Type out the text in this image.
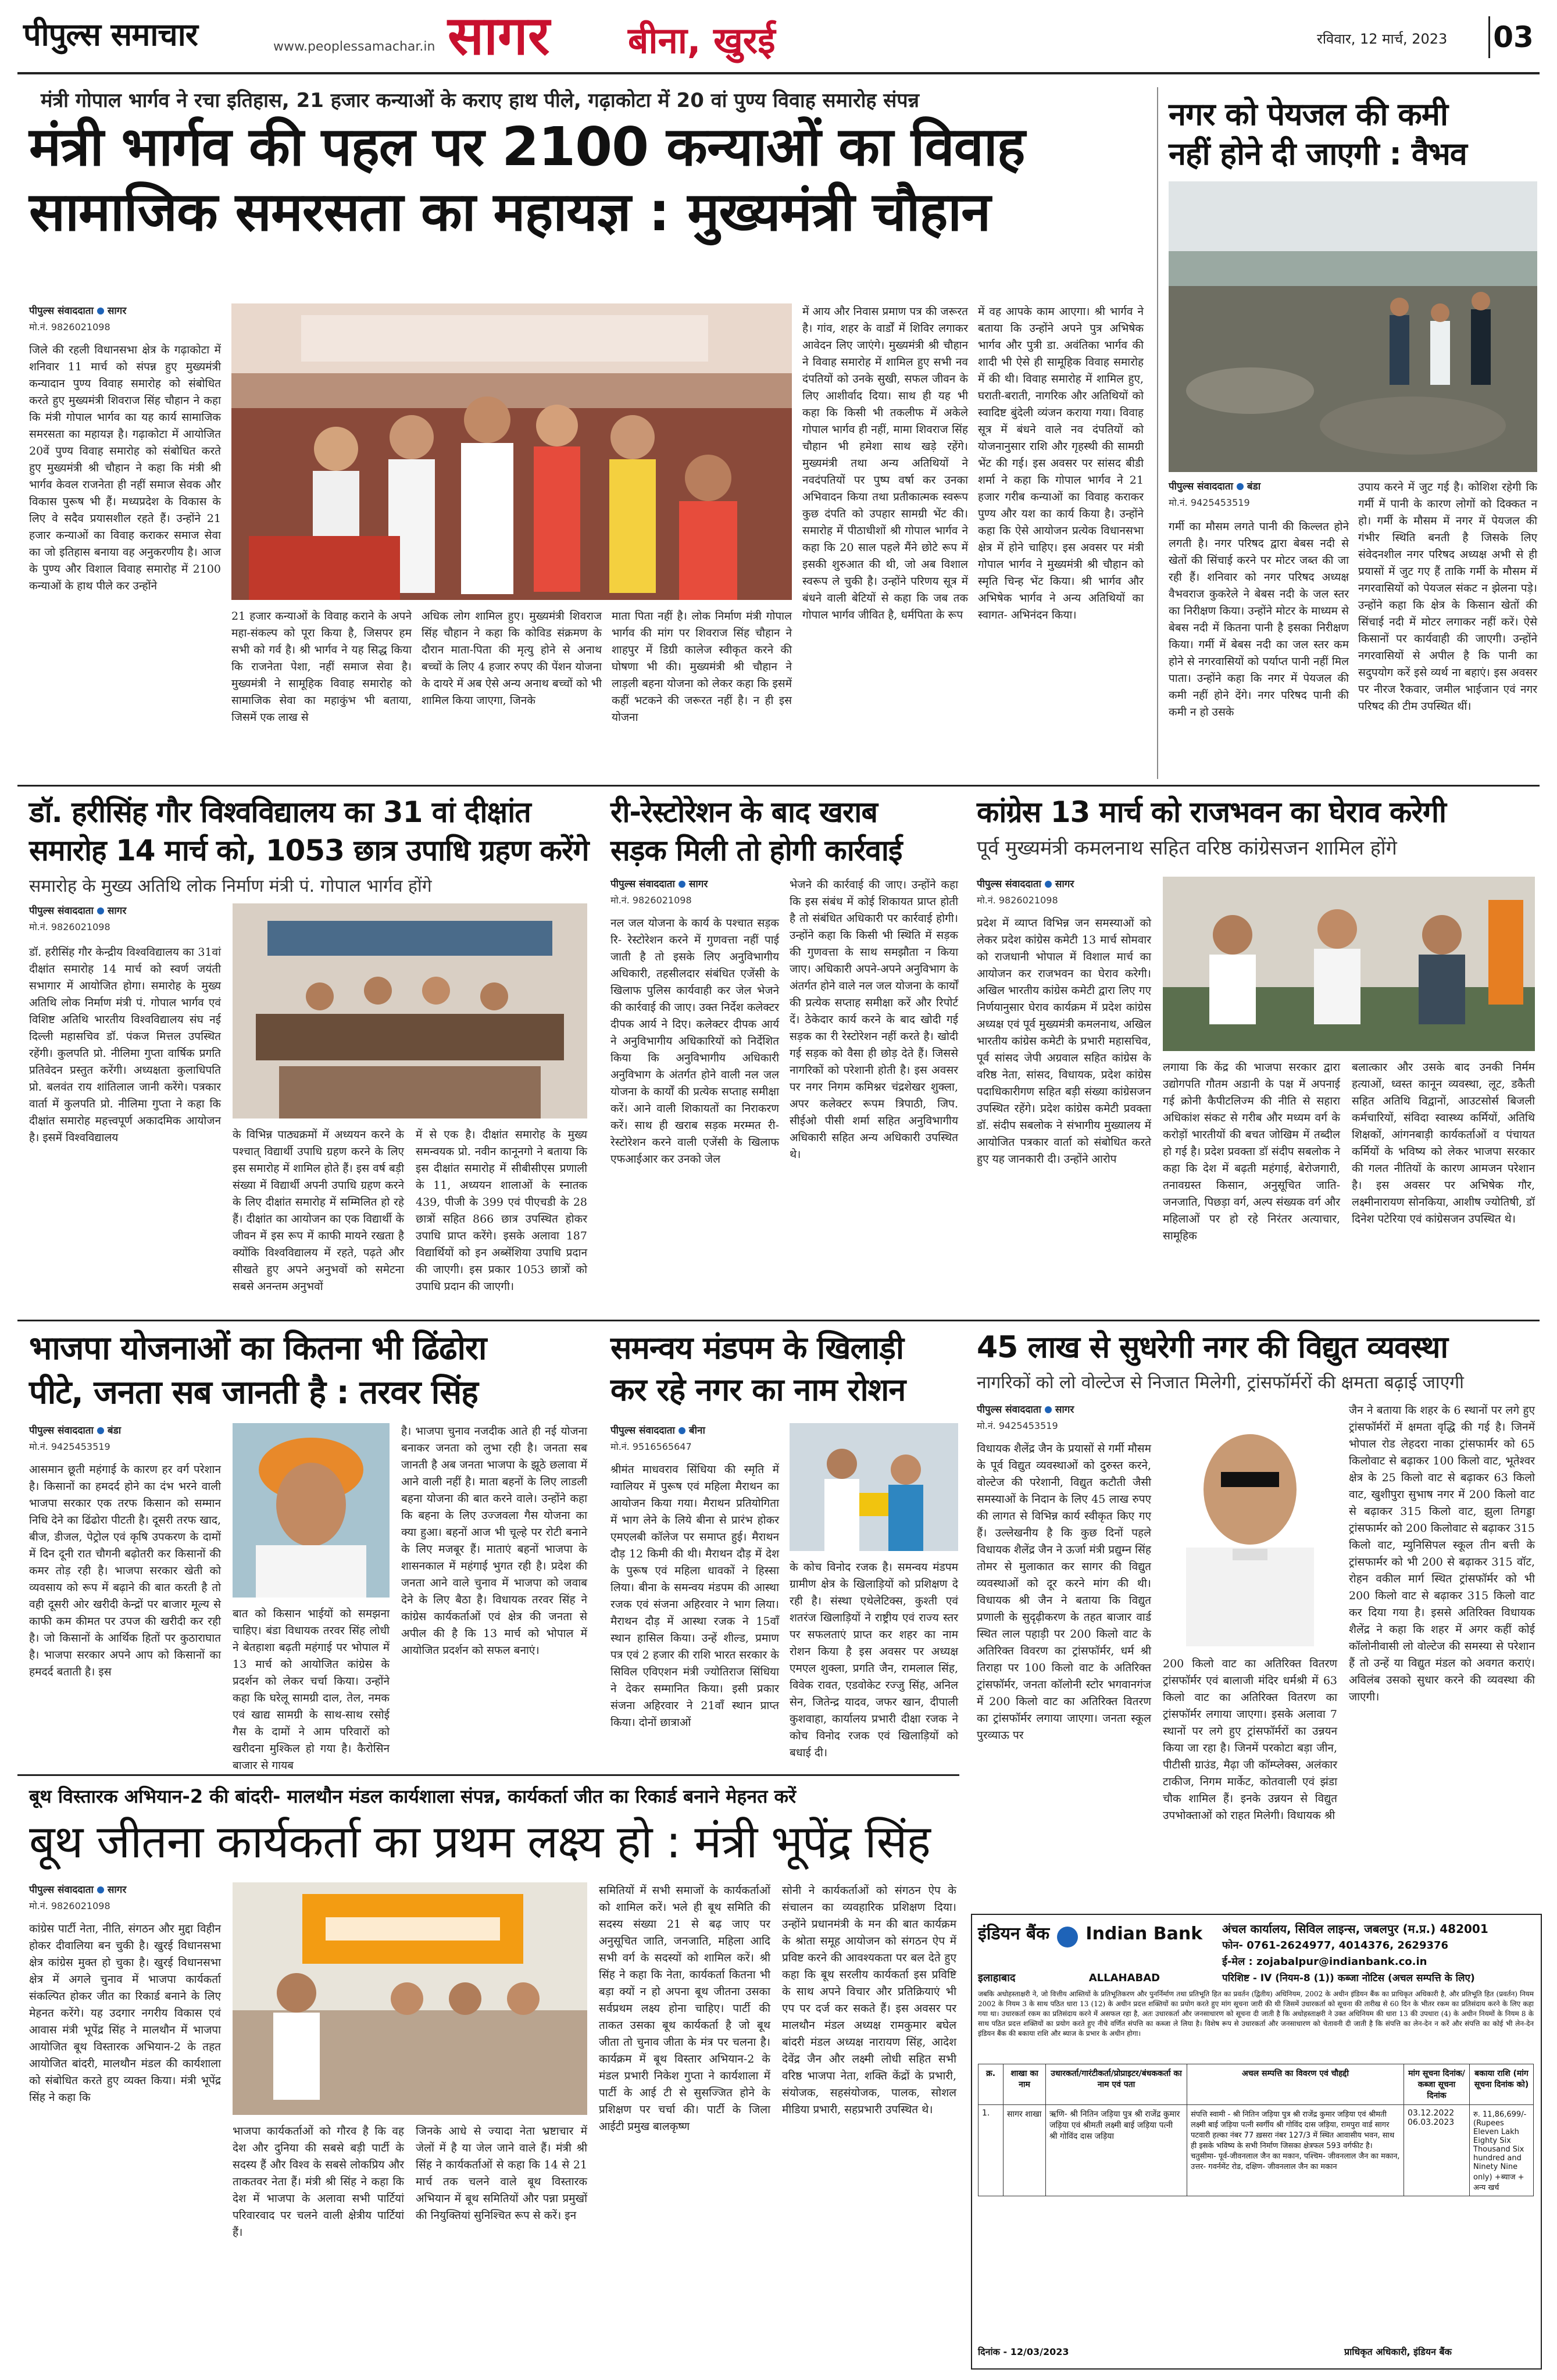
पीपुल्स समाचार	www.peoplessamachar.in सागर बीना, खुरई	रविवार, 12 मार्च, 2023 03
मंत्री गोपाल भार्गव ने रचा इतिहास, 21 हजार कन्याओं के कराए हाथ पीले, गढ़ाकोटा में 20 वां पुण्य विवाह समारोह संपन्न
मंत्री भार्गव की पहल पर 2100 कन्याओं का विवाह
सामाजिक समरसता का महायज्ञ : मुख्यमंत्री चौहान
पीपुल्स संवाददाता सागर
मो.नं. 9826021098
जिले की रहली विधानसभा क्षेत्र के गढ़ाकोटा में शनिवार 11 मार्च को संपन्न हुए मुख्यमंत्री कन्यादान पुण्य विवाह समारोह को संबोधित करते हुए मुख्यमंत्री शिवराज सिंह चौहान ने कहा कि मंत्री गोपाल भार्गव का यह कार्य सामाजिक समरसता का महायज्ञ है। गढ़ाकोटा में आयोजित 20वें पुण्य विवाह समारोह को संबोधित करते हुए मुख्यमंत्री श्री चौहान ने कहा कि मंत्री श्री भार्गव केवल राजनेता ही नहीं समाज सेवक और विकास पुरूष भी हैं। मध्यप्रदेश के विकास के लिए वे सदैव प्रयासशील रहते हैं। उन्होंने 21 हजार कन्याओं का विवाह कराकर समाज सेवा का जो इतिहास बनाया वह अनुकरणीय है। आज के पुण्य और विशाल विवाह समारोह में 2100 कन्याओं के हाथ पीले कर उन्होंने
21 हजार कन्याओं के विवाह कराने के अपने महा-संकल्प को पूरा किया है, जिसपर हम सभी को गर्व है। श्री भार्गव ने यह सिद्ध किया कि राजनेता पेशा, नहीं समाज सेवा है। मुख्यमंत्री ने सामूहिक विवाह समारोह को सामाजिक सेवा का महाकुंभ भी बताया, जिसमें एक लाख से
अधिक लोग शामिल हुए। मुख्यमंत्री शिवराज सिंह चौहान ने कहा कि कोविड संक्रमण के दौरान माता-पिता की मृत्यु होने से अनाथ बच्चों के लिए 4 हजार रुपए की पेंशन योजना के दायरे में अब ऐसे अन्य अनाथ बच्चों को भी शामिल किया जाएगा, जिनके
माता पिता नहीं है। लोक निर्माण मंत्री गोपाल भार्गव की मांग पर शिवराज सिंह चौहान ने शाहपुर में डिग्री कालेज स्वीकृत करने की घोषणा भी की। मुख्यमंत्री श्री चौहान ने लाड़ली बहना योजना को लेकर कहा कि इसमें कहीं भटकने की जरूरत नहीं है। न ही इस योजना
में आय और निवास प्रमाण पत्र की जरूरत है। गांव, शहर के वार्डों में शिविर लगाकर आवेदन लिए जाएंगे। मुख्यमंत्री श्री चौहान ने विवाह समारोह में शामिल हुए सभी नव दंपतियों को उनके सुखी, सफल जीवन के लिए आशीर्वाद दिया। साथ ही यह भी कहा कि किसी भी तकलीफ में अकेले गोपाल भार्गव ही नहीं, मामा शिवराज सिंह चौहान भी हमेशा साथ खड़े रहेंगे। मुख्यमंत्री तथा अन्य अतिथियों ने नवदंपतियों पर पुष्प वर्षा कर उनका अभिवादन किया तथा प्रतीकात्मक स्वरूप कुछ दंपति को उपहार सामग्री भेंट की। समारोह में पीठाधीशों श्री गोपाल भार्गव ने कहा कि 20 साल पहले मैंने छोटे रूप में इसकी शुरुआत की थी, जो अब विशाल स्वरूप ले चुकी है। उन्होंने परिणय सूत्र में बंधने वाली बेटियों से कहा कि जब तक गोपाल भार्गव जीवित है, धर्मपिता के रूप
में वह आपके काम आएगा। श्री भार्गव ने बताया कि उन्होंने अपने पुत्र अभिषेक भार्गव और पुत्री डा. अवंतिका भार्गव की शादी भी ऐसे ही सामूहिक विवाह समारोह में की थी। विवाह समारोह में शामिल हुए, घराती-बराती, नागरिक और अतिथियों को स्वादिष्ट बुंदेली व्यंजन कराया गया। विवाह सूत्र में बंधने वाले नव दंपतियों को योजनानुसार राशि और गृहस्थी की सामग्री भेंट की गई। इस अवसर पर सांसद बीडी शर्मा ने कहा कि गोपाल भार्गव ने 21 हजार गरीब कन्याओं का विवाह कराकर पुण्य और यश का कार्य किया है। उन्होंने कहा कि ऐसे आयोजन प्रत्येक विधानसभा क्षेत्र में होने चाहिए। इस अवसर पर मंत्री गोपाल भार्गव ने मुख्यमंत्री श्री चौहान को स्मृति चिन्ह भेंट किया। श्री भार्गव और अभिषेक भार्गव ने अन्य अतिथियों का स्वागत- अभिनंदन किया।
नगर को पेयजल की कमी
नहीं होने दी जाएगी : वैभव
पीपुल्स संवाददाता बंडा
मो.नं. 9425453519
गर्मी का मौसम लगते पानी की किल्लत होने लगती है। नगर परिषद द्वारा बेबस नदी से खेतों की सिंचाई करने पर मोटर जब्त की जा रही हैं। शनिवार को नगर परिषद अध्यक्ष वैभवराज कुकरेले ने बेबस नदी के जल स्तर का निरीक्षण किया। उन्होंने मोटर के माध्यम से बेबस नदी में कितना पानी है इसका निरीक्षण किया। गर्मी में बेबस नदी का जल स्तर कम होने से नगरवासियों को पर्याप्त पानी नहीं मिल पाता। उन्होंने कहा कि नगर में पेयजल की कमी नहीं होने देंगे। नगर परिषद पानी की कमी न हो उसके
उपाय करने में जुट गई है। कोशिश रहेगी कि गर्मी में पानी के कारण लोगों को दिक्कत न हो। गर्मी के मौसम में नगर में पेयजल की गंभीर स्थिति बनती है जिसके लिए संवेदनशील नगर परिषद अध्यक्ष अभी से ही प्रयासों में जुट गए हैं ताकि गर्मी के मौसम में नगरवासियों को पेयजल संकट न झेलना पड़े। उन्होंने कहा कि क्षेत्र के किसान खेतों की सिंचाई नदी में मोटर लगाकर नहीं करें। ऐसे किसानों पर कार्यवाही की जाएगी। उन्होंने नगरवासियों से अपील है कि पानी का सदुपयोग करें इसे व्यर्थ ना बहाएं। इस अवसर पर नीरज रैकवार, जमील भाईजान एवं नगर परिषद की टीम उपस्थित थीं।
डॉ. हरीसिंह गौर विश्वविद्यालय का 31 वां दीक्षांत
समारोह 14 मार्च को, 1053 छात्र उपाधि ग्रहण करेंगे
समारोह के मुख्य अतिथि लोक निर्माण मंत्री पं. गोपाल भार्गव होंगे
पीपुल्स संवाददाता सागर
मो.नं. 9826021098
डॉ. हरीसिंह गौर केन्द्रीय विश्वविद्यालय का 31वां दीक्षांत समारोह 14 मार्च को स्वर्ण जयंती सभागार में आयोजित होगा। समारोह के मुख्य अतिथि लोक निर्माण मंत्री पं. गोपाल भार्गव एवं विशिष्ट अतिथि भारतीय विश्वविद्यालय संघ नई दिल्ली महासचिव डॉ. पंकज मित्तल उपस्थित रहेंगी। कुलपति प्रो. नीलिमा गुप्ता वार्षिक प्रगति प्रतिवेदन प्रस्तुत करेंगी। अध्यक्षता कुलाधिपति प्रो. बलवंत राय शांतिलाल जानी करेंगे। पत्रकार वार्ता में कुलपति प्रो. नीलिमा गुप्ता ने कहा कि दीक्षांत समारोह महत्त्वपूर्ण अकादमिक आयोजन है। इसमें विश्वविद्यालय	के विभिन्न पाठ्यक्रमों में अध्ययन करने के पश्चात् विद्यार्थी उपाधि ग्रहण करने के लिए इस समारोह में शामिल होते हैं। इस वर्ष बड़ी संख्या में विद्यार्थी अपनी उपाधि ग्रहण करने के लिए दीक्षांत समारोह में सम्मिलित हो रहे हैं। दीक्षांत का आयोजन का एक विद्यार्थी के जीवन में इस रूप में काफी मायने रखता है क्योंकि विश्वविद्यालय में रहते, पढ़ते और सीखते हुए अपने अनुभवों को समेटना सबसे अनन्तम अनुभवों
में से एक है। दीक्षांत समारोह के मुख्य समन्वयक प्रो. नवीन कानूनगो ने बताया कि इस दीक्षांत समारोह में सीबीसीएस प्रणाली के 11, अध्ययन शालाओं के स्नातक 439, पीजी के 399 एवं पीएचडी के 28 छात्रों सहित 866 छात्र उपस्थित होकर उपाधि प्राप्त करेंगे। इसके अलावा 187 विद्यार्थियों को इन अब्सेंशिया उपाधि प्रदान की जाएगी। इस प्रकार 1053 छात्रों को उपाधि प्रदान की जाएगी।
री-रेस्टोरेशन के बाद खराब
सड़क मिली तो होगी कार्रवाई
पीपुल्स संवाददाता सागर
मो.नं. 9826021098
नल जल योजना के कार्य के पश्चात सड़क रि- रेस्टोरेशन करने में गुणवत्ता नहीं पाई जाती है तो इसके लिए अनुविभागीय अधिकारी, तहसीलदार संबंधित एजेंसी के खिलाफ पुलिस कार्यवाही कर जेल भेजने की कार्रवाई की जाए। उक्त निर्देश कलेक्टर दीपक आर्य ने दिए। कलेक्टर दीपक आर्य ने अनुविभागीय अधिकारियों को निर्देशित किया कि अनुविभागीय अधिकारी अनुविभाग के अंतर्गत होने वाली नल जल योजना के कार्यों की प्रत्येक सप्ताह समीक्षा करें। आने वाली शिकायतों का निराकरण करें। साथ ही खराब सड़क मरम्मत री-रेस्टोरेशन करने वाली एजेंसी के खिलाफ एफआईआर कर उनको जेल
भेजने की कार्रवाई की जाए। उन्होंने कहा कि इस संबंध में कोई शिकायत प्राप्त होती है तो संबंधित अधिकारी पर कार्रवाई होगी। उन्होंने कहा कि किसी भी स्थिति में सड़क की गुणवत्ता के साथ समझौता न किया जाए। अधिकारी अपने-अपने अनुविभाग के अंतर्गत होने वाले नल जल योजना के कार्यों की प्रत्येक सप्ताह समीक्षा करें और रिपोर्ट दें। ठेकेदार कार्य करने के बाद खोदी गई सड़क का री रेस्टोरेशन नहीं करते है। खोदी गई सड़क को वैसा ही छोड़ देते हैं। जिससे नागरिकों को परेशानी होती है। इस अवसर पर नगर निगम कमिश्नर चंद्रशेखर शुक्ला, अपर कलेक्टर रूपम त्रिपाठी, जिप. सीईओ पीसी शर्मा सहित अनुविभागीय अधिकारी सहित अन्य अधिकारी उपस्थित थे।
कांग्रेस 13 मार्च को राजभवन का घेराव करेगी
पूर्व मुख्यमंत्री कमलनाथ सहित वरिष्ठ कांग्रेसजन शामिल होंगे
पीपुल्स संवाददाता सागर
मो.नं. 9826021098
प्रदेश में व्याप्त विभिन्न जन समस्याओं को लेकर प्रदेश कांग्रेस कमेटी 13 मार्च सोमवार को राजधानी भोपाल में विशाल मार्च का आयोजन कर राजभवन का घेराव करेगी। अखिल भारतीय कांग्रेस कमेटी द्वारा लिए गए निर्णयानुसार घेराव कार्यक्रम में प्रदेश कांग्रेस अध्यक्ष एवं पूर्व मुख्यमंत्री कमलनाथ, अखिल भारतीय कांग्रेस कमेटी के प्रभारी महासचिव, पूर्व सांसद जेपी अग्रवाल सहित कांग्रेस के वरिष्ठ नेता, सांसद, विधायक, प्रदेश कांग्रेस पदाधिकारीगण सहित बड़ी संख्या कांग्रेसजन उपस्थित रहेंगे। प्रदेश कांग्रेस कमेटी प्रवक्ता डॉ. संदीप सबलोक ने संभागीय मुख्यालय में आयोजित पत्रकार वार्ता को संबोधित करते हुए यह जानकारी दी। उन्होंने आरोप
लगाया कि केंद्र की भाजपा सरकार द्वारा उद्योगपति गौतम अडानी के पक्ष में अपनाई गई क्रोनी कैपीटलिज्म की नीति से सहारा अधिकांश संकट से गरीब और मध्यम वर्ग के करोड़ों भारतीयों की बचत जोखिम में तब्दील हो गई है। प्रदेश प्रवक्ता डॉ संदीप सबलोक ने कहा कि देश में बढ़ती महंगाई, बेरोजगारी, तनावग्रस्त किसान, अनुसूचित जाति-जनजाति, पिछड़ा वर्ग, अल्प संख्यक वर्ग और महिलाओं पर हो रहे निरंतर अत्याचार, सामूहिक
बलात्कार और उसके बाद उनकी निर्मम हत्याओं, ध्वस्त कानून व्यवस्था, लूट, डकैती सहित अतिथि विद्वानों, आउटसोर्स बिजली कर्मचारियों, संविदा स्वास्थ्य कर्मियों, अतिथि शिक्षकों, आंगनबाड़ी कार्यकर्ताओं व पंचायत कर्मियों के भविष्य को लेकर भाजपा सरकार की गलत नीतियों के कारण आमजन परेशान है। इस अवसर पर अभिषेक गौर, लक्ष्मीनारायण सोनकिया, आशीष ज्योतिषी, डॉ दिनेश पटेरिया एवं कांग्रेसजन उपस्थित थे।
भाजपा योजनाओं का कितना भी ढिंढोरा
पीटे, जनता सब जानती है : तरवर सिंह
पीपुल्स संवाददाता बंडा
मो.नं. 9425453519
आसमान छूती महंगाई के कारण हर वर्ग परेशान है। किसानों का हमदर्द होने का दंभ भरने वाली भाजपा सरकार एक तरफ किसान को सम्मान निधि देने का ढिंढोरा पीटती है। दूसरी तरफ खाद, बीज, डीजल, पेट्रोल एवं कृषि उपकरण के दामों में दिन दूनी रात चौगनी बढ़ोतरी कर किसानों की कमर तोड़ रही है। भाजपा सरकार खेती को व्यवसाय को रूप में बढ़ाने की बात करती है तो वही दूसरी ओर खरीदी केन्द्रों पर बाजार मूल्य से काफी कम कीमत पर उपज की खरीदी कर रही है। जो किसानों के आर्थिक हितों पर कुठाराघात है। भाजपा सरकार अपने आप को किसानों का हमदर्द बताती है। इस
बात को किसान भाईयों को समझना चाहिए। बंडा विधायक तरवर सिंह लोधी ने बेतहाशा बढ़ती महंगाई पर भोपाल में 13 मार्च को आयोजित कांग्रेस के प्रदर्शन को लेकर चर्चा किया। उन्होंने कहा कि घरेलू सामग्री दाल, तेल, नमक एवं खाद्य सामग्री के साथ-साथ रसोई गैस के दामों ने आम परिवारों को खरीदना मुश्किल हो गया है। कैरोसिन बाजार से गायब
है। भाजपा चुनाव नजदीक आते ही नई योजना बनाकर जनता को लुभा रही है। जनता सब जानती है अब जनता भाजपा के झूठे छलावा में आने वाली नहीं है। माता बहनों के लिए लाडली बहना योजना की बात करने वाले। उन्होंने कहा कि बहना के लिए उज्जवला गैस योजना का क्या हुआ। बहनों आज भी चूल्हे पर रोटी बनाने के लिए मजबूर हैं। माताएं बहनों भाजपा के शासनकाल में महंगाई भुगत रही है। प्रदेश की जनता आने वाले चुनाव में भाजपा को जवाब देने के लिए बैठा है। विधायक तरवर सिंह ने कांग्रेस कार्यकर्ताओं एवं क्षेत्र की जनता से अपील की है कि 13 मार्च को भोपाल में आयोजित प्रदर्शन को सफल बनाएं।
समन्वय मंडपम के खिलाड़ी
कर रहे नगर का नाम रोशन
पीपुल्स संवाददाता बीना
मो.नं. 9516565647
श्रीमंत माधवराव सिंधिया की स्मृति में ग्वालियर में पुरूष एवं महिला मैराथन का आयोजन किया गया। मैराथन प्रतियोगिता में भाग लेने के लिये बीना से प्रारंभ होकर एमएलबी कॉलेज पर समाप्त हुई। मैराथन दौड़ 12 किमी की थी। मैराथन दौड़ में देश के पुरूष एवं महिला धावकों ने हिस्सा लिया। बीना के समन्वय मंडपम की आस्था रजक एवं संजना अहिरवार ने भाग लिया। मैराथन दौड़ में आस्था रजक ने 15वाँ स्थान हासिल किया। उन्हें शील्ड, प्रमाण पत्र एवं 2 हजार की राशि भारत सरकार के सिविल एविएशन मंत्री ज्योतिराज सिंधिया ने देकर सम्मानित किया। इसी प्रकार संजना अहिरवार ने 21वाँ स्थान प्राप्त किया। दोनों छात्राओं
के कोच विनोद रजक है। समन्वय मंडपम ग्रामीण क्षेत्र के खिलाड़ियों को प्रशिक्षण दे रही है। संस्था एथेलेटिक्स, कुश्ती एवं शतरंज खिलाड़ियों ने राष्ट्रीय एवं राज्य स्तर पर सफलताएं प्राप्त कर शहर का नाम रोशन किया है इस अवसर पर अध्यक्ष एमएल शुक्ला, प्रगति जैन, रामलाल सिंह, विवेक रावत, एडवोकेट रज्जु सिंह, अनिल सेन, जितेन्द्र यादव, जफर खान, दीपाली कुशवाहा, कार्यालय प्रभारी दीक्षा रजक ने कोच विनोद रजक एवं खिलाड़ियों को बधाई दी।
45 लाख से सुधरेगी नगर की विद्युत व्यवस्था
नागरिकों को लो वोल्टेज से निजात मिलेगी, ट्रांसफॉर्मरों की क्षमता बढ़ाई जाएगी
पीपुल्स संवाददाता सागर
मो.नं. 9425453519
विधायक शैलेंद्र जैन के प्रयासों से गर्मी मौसम के पूर्व विद्युत व्यवस्थाओं को दुरुस्त करने, वोल्टेज की परेशानी, विद्युत कटौती जैसी समस्याओं के निदान के लिए 45 लाख रुपए की लागत से विभिन्न कार्य स्वीकृत किए गए हैं। उल्लेखनीय है कि कुछ दिनों पहले विधायक शैलेंद्र जैन ने ऊर्जा मंत्री प्रद्युम्न सिंह तोमर से मुलाकात कर सागर की विद्युत व्यवस्थाओं को दूर करने मांग की थी। विधायक श्री जैन ने बताया कि विद्युत प्रणाली के सुदृढ़ीकरण के तहत बाजार वार्ड स्थित लाल पहाड़ी पर 200 किलो वाट के अतिरिक्त विवरण का ट्रांसफॉर्मर, धर्म श्री तिराहा पर 100 किलो वाट के अतिरिक्त ट्रांसफॉर्मर, जनता कॉलोनी स्टोर भगवानगंज में 200 किलो वाट का अतिरिक्त वितरण का ट्रांसफॉर्मर लगाया जाएगा। जनता स्कूल पुरव्याऊ पर
200 किलो वाट का अतिरिक्त वितरण ट्रांसफॉर्मर एवं बालाजी मंदिर धर्मश्री में 63 किलो वाट का अतिरिक्त वितरण का ट्रांसफॉर्मर लगाया जाएगा। इसके अलावा 7 स्थानों पर लगे हुए ट्रांसफॉर्मरों का उन्नयन किया जा रहा है। जिनमें परकोटा बड़ा जीन, पीटीसी ग्राउंड, मैढ़ा जी कॉम्प्लेक्स, अलंकार टाकीज, निगम मार्केट, कोतवाली एवं झंडा चौक शामिल हैं। इनके उन्नयन से विद्युत उपभोक्ताओं को राहत मिलेगी। विधायक श्री
जैन ने बताया कि शहर के 6 स्थानों पर लगे हुए ट्रांसफॉर्मरों में क्षमता वृद्धि की गई है। जिनमें भोपाल रोड लेहदरा नाका ट्रांसफार्मर को 65 किलोवाट से बढ़ाकर 100 किलो वाट, भूतेश्वर क्षेत्र के 25 किलो वाट से बढ़ाकर 63 किलो वाट, खुशीपुरा सुभाष नगर में 200 किलो वाट से बढ़ाकर 315 किलो वाट, झुला तिगड्डा ट्रांसफार्मर को 200 किलोवाट से बढ़ाकर 315 किलो वाट, म्युनिसिपल स्कूल तीन बत्ती के ट्रांसफार्मर को भी 200 से बढ़ाकर 315 वॉट, रोहन वकील मार्ग स्थित ट्रांसफॉर्मर को भी 200 किलो वाट से बढ़ाकर 315 किलो वाट कर दिया गया है। इससे अतिरिक्त विधायक शैलेंद्र ने कहा कि शहर में अगर कहीं कोई कॉलोनीवासी लो वोल्टेज की समस्या से परेशान हैं तो उन्हें या विद्युत मंडल को अवगत कराएं। अविलंब उसको सुधार करने की व्यवस्था की जाएगी।
बूथ विस्तारक अभियान-2 की बांदरी- मालथौन मंडल कार्यशाला संपन्न, कार्यकर्ता जीत का रिकार्ड बनाने मेहनत करें
बूथ जीतना कार्यकर्ता का प्रथम लक्ष्य हो : मंत्री भूपेंद्र सिंह
पीपुल्स संवाददाता सागर
मो.नं. 9826021098
कांग्रेस पार्टी नेता, नीति, संगठन और मुद्दा विहीन होकर दीवालिया बन चुकी है। खुरई विधानसभा क्षेत्र कांग्रेस मुक्त हो चुका है। खुरई विधानसभा क्षेत्र में अगले चुनाव में भाजपा कार्यकर्ता संकल्पित होकर जीत का रिकार्ड बनाने के लिए मेहनत करेंगे। यह उदगार नगरीय विकास एवं आवास मंत्री भूपेंद्र सिंह ने मालथौन में भाजपा आयोजित बूथ विस्तारक अभियान-2 के तहत आयोजित बांदरी, मालथौन मंडल की कार्यशाला को संबोधित करते हुए व्यक्त किया। मंत्री भूपेंद्र सिंह ने कहा कि
भाजपा कार्यकर्ताओं को गौरव है कि वह देश और दुनिया की सबसे बड़ी पार्टी के सदस्य हैं और विश्व के सबसे लोकप्रिय और ताकतवर नेता हैं। मंत्री श्री सिंह ने कहा कि देश में भाजपा के अलावा सभी पार्टियां परिवारवाद पर चलने वाली क्षेत्रीय पार्टियां हैं।
जिनके आधे से ज्यादा नेता भ्रष्टाचार में जेलों में है या जेल जाने वाले हैं। मंत्री श्री सिंह ने कार्यकर्ताओं से कहा कि 14 से 21 मार्च तक चलने वाले बूथ विस्तारक अभियान में बूथ समितियों और पन्ना प्रमुखों की नियुक्तियां सुनिश्चित रूप से करें। इन
समितियों में सभी समाजों के कार्यकर्ताओं को शामिल करें। भले ही बूथ समिति की सदस्य संख्या 21 से बढ़ जाए पर अनुसूचित जाति, जनजाति, महिला आदि सभी वर्ग के सदस्यों को शामिल करें। श्री सिंह ने कहा कि नेता, कार्यकर्ता कितना भी बड़ा क्यों न हो अपना बूथ जीतना उसका सर्वप्रथम लक्ष्य होना चाहिए। पार्टी की ताकत उसका बूथ कार्यकर्ता है जो बूथ जीता तो चुनाव जीता के मंत्र पर चलना है। कार्यक्रम में बूथ विस्तार अभियान-2 के मंडल प्रभारी निकेश गुप्ता ने कार्यशाला में पार्टी के आई टी से सुसज्जित होने के प्रशिक्षण पर चर्चा की। पार्टी के जिला आईटी प्रमुख बालकृष्ण
सोनी ने कार्यकर्ताओं को संगठन ऐप के संचालन का व्यवहारिक प्रशिक्षण दिया। उन्होंने प्रधानमंत्री के मन की बात कार्यक्रम के श्रोता समूह आयोजन को संगठन ऐप में प्रविष्ट करने की आवश्यकता पर बल देते हुए कहा कि बूथ सरलीय कार्यकर्ता इस प्रविष्टि के साथ अपने विचार और प्रतिक्रियाएं भी एप पर दर्ज कर सकते हैं। इस अवसर पर मालथौन मंडल अध्यक्ष रामकुमार बघेल बांदरी मंडल अध्यक्ष नारायण सिंह, आदेश देवेंद्र जैन और लक्ष्मी लोधी सहित सभी वरिष्ठ भाजपा नेता, शक्ति केंद्रों के प्रभारी, संयोजक, सहसंयोजक, पालक, सोशल मीडिया प्रभारी, सहप्रभारी उपस्थित थे।
इंडियन बैंक Indian Bank	अंचल कार्यालय, सिविल लाइन्स, जबलपुर (म.प्र.) 482001
फोन- 0761-2624977, 4014376, 2629376
ई-मेल : zojabalpur@indianbank.co.in
इलाहाबाद	ALLAHABAD	परिशिष्ट - IV (नियम-8 (1)) कब्जा नोटिस (अचल सम्पत्ति के लिए)
जबकि अधोहस्ताक्षरी ने, जो वित्तीय आस्तियों के प्रतिभूतिकरण और पुनर्निर्माण तथा प्रतिभूति हित का प्रवर्तन (द्वितीय) अधिनियम, 2002 के अधीन इंडियन बैंक का प्राधिकृत अधिकारी है, और प्रतिभूति हित (प्रवर्तन) नियम 2002 के नियम 3 के साथ पठित धारा 13 (12) के अधीन प्रदत्त शक्तियों का प्रयोग करते हुए मांग सूचना जारी की थी जिसमें उधारकर्ता को सूचना की तारीख से 60 दिन के भीतर रकम का प्रतिसंदाय करने के लिए कहा गया था। उधारकर्ता रकम का प्रतिसंदाय करने में असफल रहा है, अतः उधारकर्ता और जनसाधारण को सूचना दी जाती है कि अधोहस्ताक्षरी ने उक्त अधिनियम की धारा 13 की उपधारा (4) के अधीन नियमों के नियम 8 के साथ पठित प्रदत्त शक्तियों का प्रयोग करते हुए नीचे वर्णित संपत्ति का कब्जा ले लिया है। विशेष रूप से उधारकर्ता और जनसाधारण को चेतावनी दी जाती है कि संपत्ति का लेन-देन न करें और संपत्ति का कोई भी लेन-देन इंडियन बैंक की बकाया राशि और ब्याज के प्रभार के अधीन होगा।
क्र.	शाखा का नाम	उधारकर्ता/गारंटीकर्ता/प्रोप्राइटर/बंधककर्ता का नाम एवं पता	अचल सम्पत्ति का विवरण एवं चौहद्दी	मांग सूचना दिनांक/कब्जा सूचना दिनांक	बकाया राशि (मांग सूचना दिनांक को)
1.	सागर शाखा	ऋणि- श्री नितिन जड़िया पुत्र श्री राजेंद्र कुमार जड़िया एवं श्रीमती लक्ष्मी बाई जड़िया पत्नी श्री गोविंद दास जड़िया	संपत्ति स्वामी - श्री नितिन जड़िया पुत्र श्री राजेंद्र कुमार जड़िया एवं श्रीमती लक्ष्मी बाई जड़िया पत्नी स्वर्गीय श्री गोविंद दास जड़िया, रामपुरा वार्ड सागर पटवारी हल्का नंबर 77 ख़सरा नंबर 127/3 में स्थित आवासीय भवन, साथ ही इसके भविष्य के सभी निर्माण जिसका क्षेत्रफल 593 वर्गफीट है। चतुसीमा- पूर्व-जीवनलाल जैन का मकान, पश्चिम- जीवनलाल जैन का मकान, उत्तर- गवर्नमेंट रोड, दक्षिण- जीवनलाल जैन का मकान	03.12.2022 06.03.2023	रु. 11,86,699/- (Rupees Eleven Lakh Eighty Six Thousand Six hundred and Ninety Nine only) +ब्याज + अन्य खर्च
दिनांक - 12/03/2023	प्राधिकृत अधिकारी, इंडियन बैंक
